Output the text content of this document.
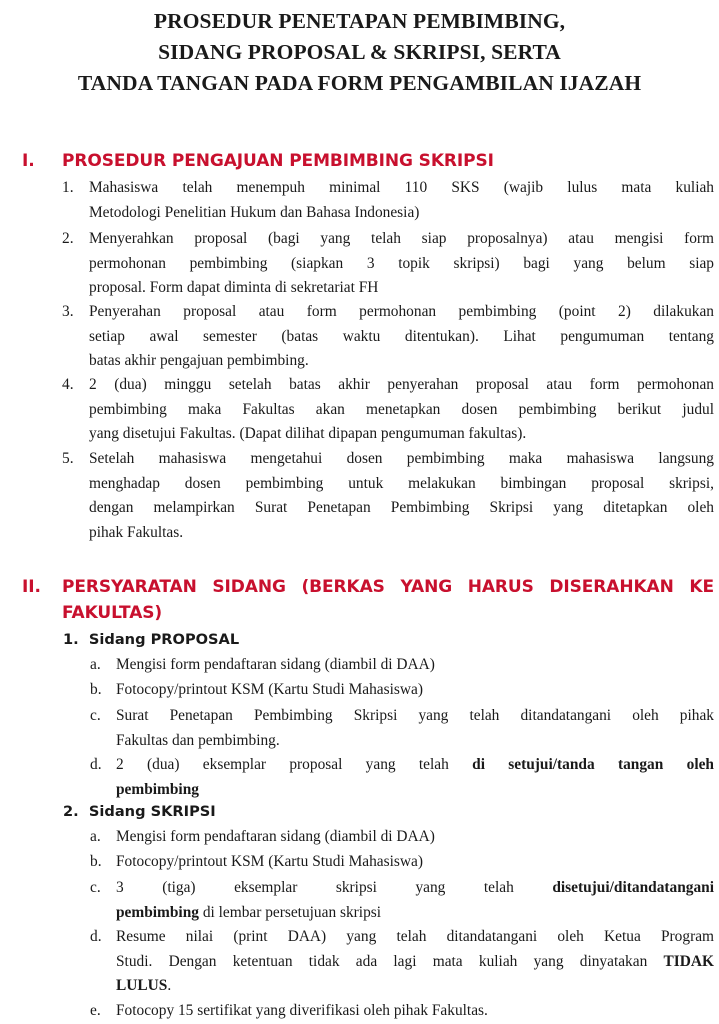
PROSEDUR PENETAPAN PEMBIMBING,
SIDANG PROPOSAL & SKRIPSI, SERTA
TANDA TANGAN PADA FORM PENGAMBILAN IJAZAH
I. PROSEDUR PENGAJUAN PEMBIMBING SKRIPSI
1. Mahasiswa telah menempuh minimal 110 SKS (wajib lulus mata kuliah
Metodologi Penelitian Hukum dan Bahasa Indonesia)
2. Menyerahkan proposal (bagi yang telah siap proposalnya) atau mengisi form
permohonan pembimbing (siapkan 3 topik skripsi) bagi yang belum siap
proposal. Form dapat diminta di sekretariat FH
3. Penyerahan proposal atau form permohonan pembimbing (point 2) dilakukan
setiap awal semester (batas waktu ditentukan). Lihat pengumuman tentang
batas akhir pengajuan pembimbing.
4. 2 (dua) minggu setelah batas akhir penyerahan proposal atau form permohonan
pembimbing maka Fakultas akan menetapkan dosen pembimbing berikut judul
yang disetujui Fakultas. (Dapat dilihat dipapan pengumuman fakultas).
5. Setelah mahasiswa mengetahui dosen pembimbing maka mahasiswa langsung
menghadap dosen pembimbing untuk melakukan bimbingan proposal skripsi,
dengan melampirkan Surat Penetapan Pembimbing Skripsi yang ditetapkan oleh
pihak Fakultas.
II. PERSYARATAN SIDANG (BERKAS YANG HARUS DISERAHKAN KE
FAKULTAS)
1. Sidang PROPOSAL
a. Mengisi form pendaftaran sidang (diambil di DAA)
b. Fotocopy/printout KSM (Kartu Studi Mahasiswa)
c. Surat Penetapan Pembimbing Skripsi yang telah ditandatangani oleh pihak
Fakultas dan pembimbing.
d. 2 (dua) eksemplar proposal yang telah di setujui/tanda tangan oleh
pembimbing
2. Sidang SKRIPSI
a. Mengisi form pendaftaran sidang (diambil di DAA)
b. Fotocopy/printout KSM (Kartu Studi Mahasiswa)
c. 3 (tiga) eksemplar skripsi yang telah disetujui/ditandatangani
pembimbing di lembar persetujuan skripsi
d. Resume nilai (print DAA) yang telah ditandatangani oleh Ketua Program
Studi. Dengan ketentuan tidak ada lagi mata kuliah yang dinyatakan TIDAK
LULUS.
e. Fotocopy 15 sertifikat yang diverifikasi oleh pihak Fakultas.
